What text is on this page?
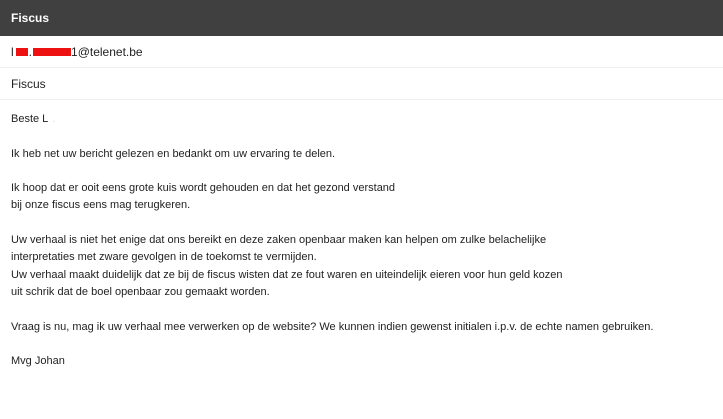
Fiscus
l .	1@telenet.be
Fiscus
Beste L .
Ik heb net uw bericht gelezen en bedankt om uw ervaring te delen.
Ik hoop dat er ooit eens grote kuis wordt gehouden en dat het gezond verstand
bij onze fiscus eens mag terugkeren.
Uw verhaal is niet het enige dat ons bereikt en deze zaken openbaar maken kan helpen om zulke belachelijke
interpretaties met zware gevolgen in de toekomst te vermijden.
Uw verhaal maakt duidelijk dat ze bij de fiscus wisten dat ze fout waren en uiteindelijk eieren voor hun geld kozen
uit schrik dat de boel openbaar zou gemaakt worden.
Vraag is nu, mag ik uw verhaal mee verwerken op de website? We kunnen indien gewenst initialen i.p.v. de echte namen gebruiken.
Mvg Johan
